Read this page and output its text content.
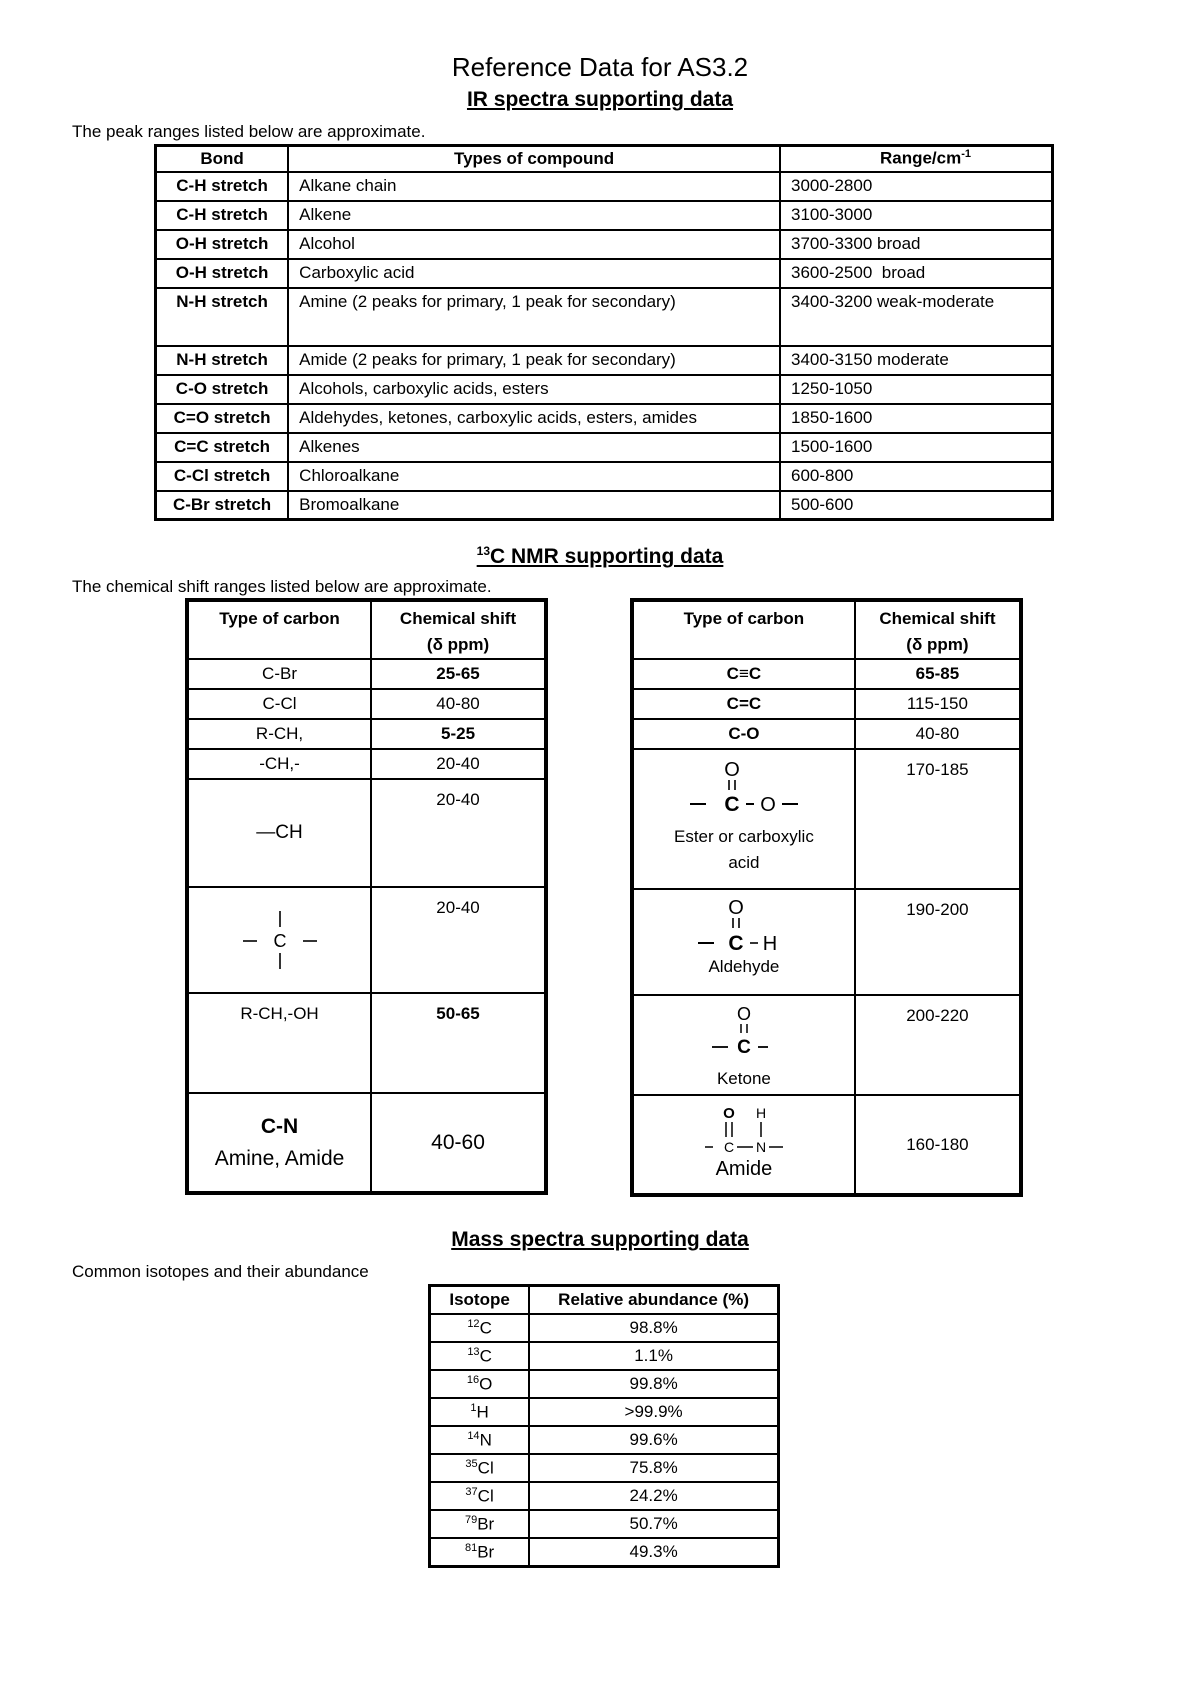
Reference Data for AS3.2
IR spectra supporting data
The peak ranges listed below are approximate.
Bond	Types of compound	Range/$cm^{-1}$
C-H stretch	Alkane chain	3000-2800
C-H stretch	Alkene	3100-3000
O-H stretch	Alcohol	3700-3300 broad
O-H stretch	Carboxylic acid	3600-2500  broad
N-H stretch	Amine (2 peaks for primary, 1 peak for secondary)	3400-3200 weak-moderate
N-H stretch	Amide (2 peaks for primary, 1 peak for secondary)	3400-3150 moderate
C-O stretch	Alcohols, carboxylic acids, esters	1250-1050
C=O stretch	Aldehydes, ketones, carboxylic acids, esters, amides	1850-1600
C=C stretch	Alkenes	1500-1600
C-Cl stretch	Chloroalkane	600-800
C-Br stretch	Bromoalkane	500-600
$^{13}$C NMR supporting data
The chemical shift ranges listed below are approximate.
Type of carbon	Chemical shift
(δ ppm)
C-Br	25-65
C-Cl	40-80
R-CH,	5-25
-CH,-	20-40
—CH	20-40

C	20-40
R-CH,-OH	50-65
C-N
Amine, Amide	40-60
Type of carbon	Chemical shift
(δ ppm)
C≡C	65-85
C=C	115-150
C-O	40-80

O
C O
Ester or carboxylic
acid	170-185

O
C H
Aldehyde	190-200

O
C
Ketone	200-220

O H
C N
Amide	160-180
Mass spectra supporting data
Common isotopes and their abundance
Isotope	Relative abundance (%)
$^{12}$C	98.8%
$^{13}$C	1.1%
$^{16}$O	99.8%
$^1$H	>99.9%
$^{14}$N	99.6%
$^{35}$Cl	75.8%
$^{37}$Cl	24.2%
$^{79}$Br	50.7%
$^{81}$Br	49.3%
